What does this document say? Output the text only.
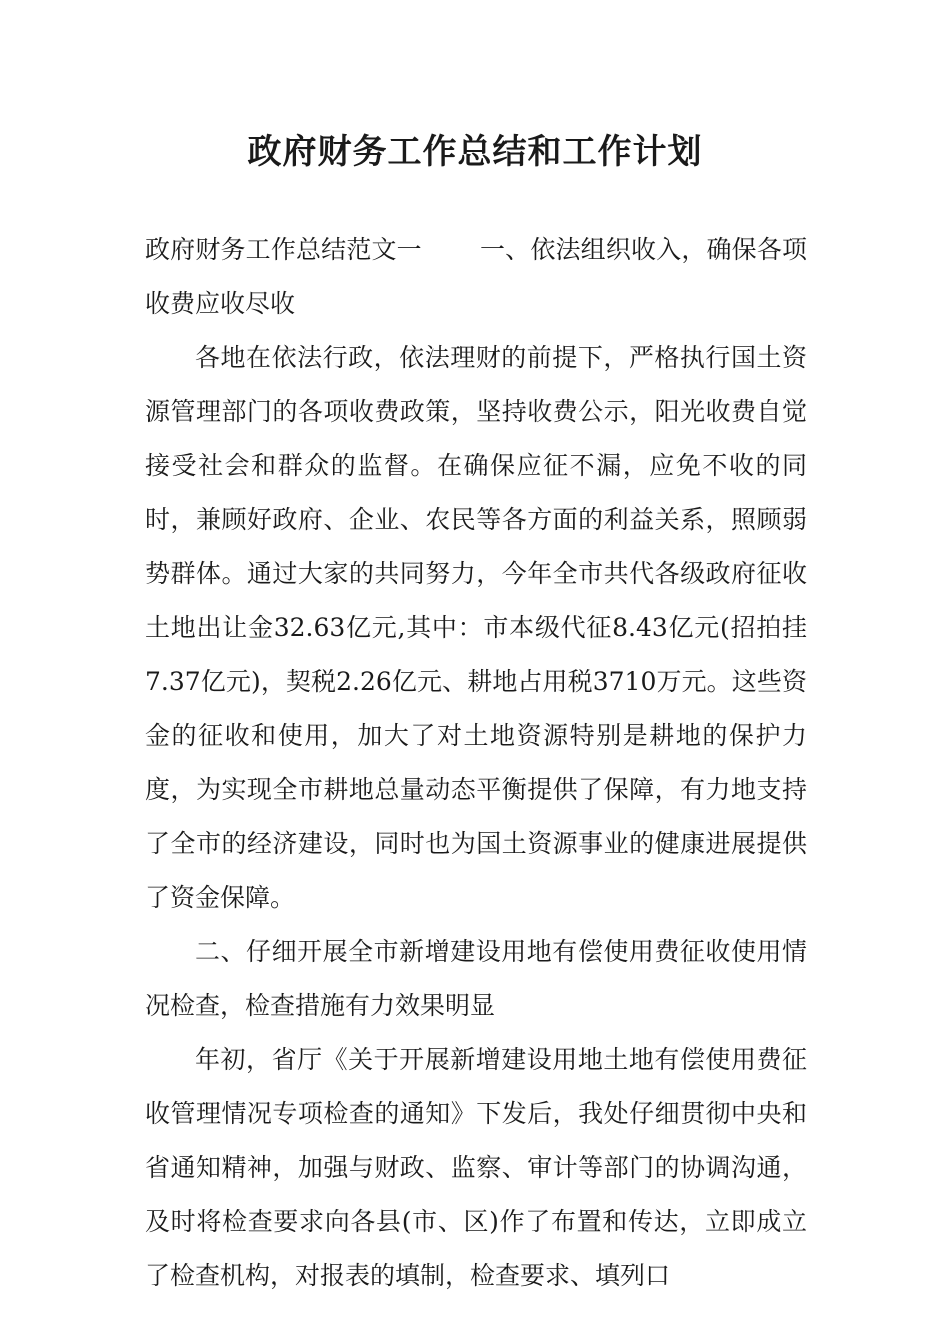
政府财务工作总结和工作计划

政府财务工作总结范文一 一、依法组织收入，确保各项收费应收尽收

各地在依法行政，依法理财的前提下，严格执行国土资源管理部门的各项收费政策，坚持收费公示，阳光收费自觉接受社会和群众的监督。在确保应征不漏，应免不收的同时，兼顾好政府、企业、农民等各方面的利益关系，照顾弱势群体。通过大家的共同努力，今年全市共代各级政府征收土地出让金32.63亿元,其中：市本级代征8.43亿元(招拍挂7.37亿元)，契税2.26亿元、耕地占用税3710万元。这些资金的征收和使用，加大了对土地资源特别是耕地的保护力度，为实现全市耕地总量动态平衡提供了保障，有力地支持了全市的经济建设，同时也为国土资源事业的健康进展提供了资金保障。

二、仔细开展全市新增建设用地有偿使用费征收使用情况检查，检查措施有力效果明显

年初，省厅《关于开展新增建设用地土地有偿使用费征收管理情况专项检查的通知》下发后，我处仔细贯彻中央和省通知精神，加强与财政、监察、审计等部门的协调沟通，及时将检查要求向各县(市、区)作了布置和传达，立即成立了检查机构，对报表的填制，检查要求、填列口
